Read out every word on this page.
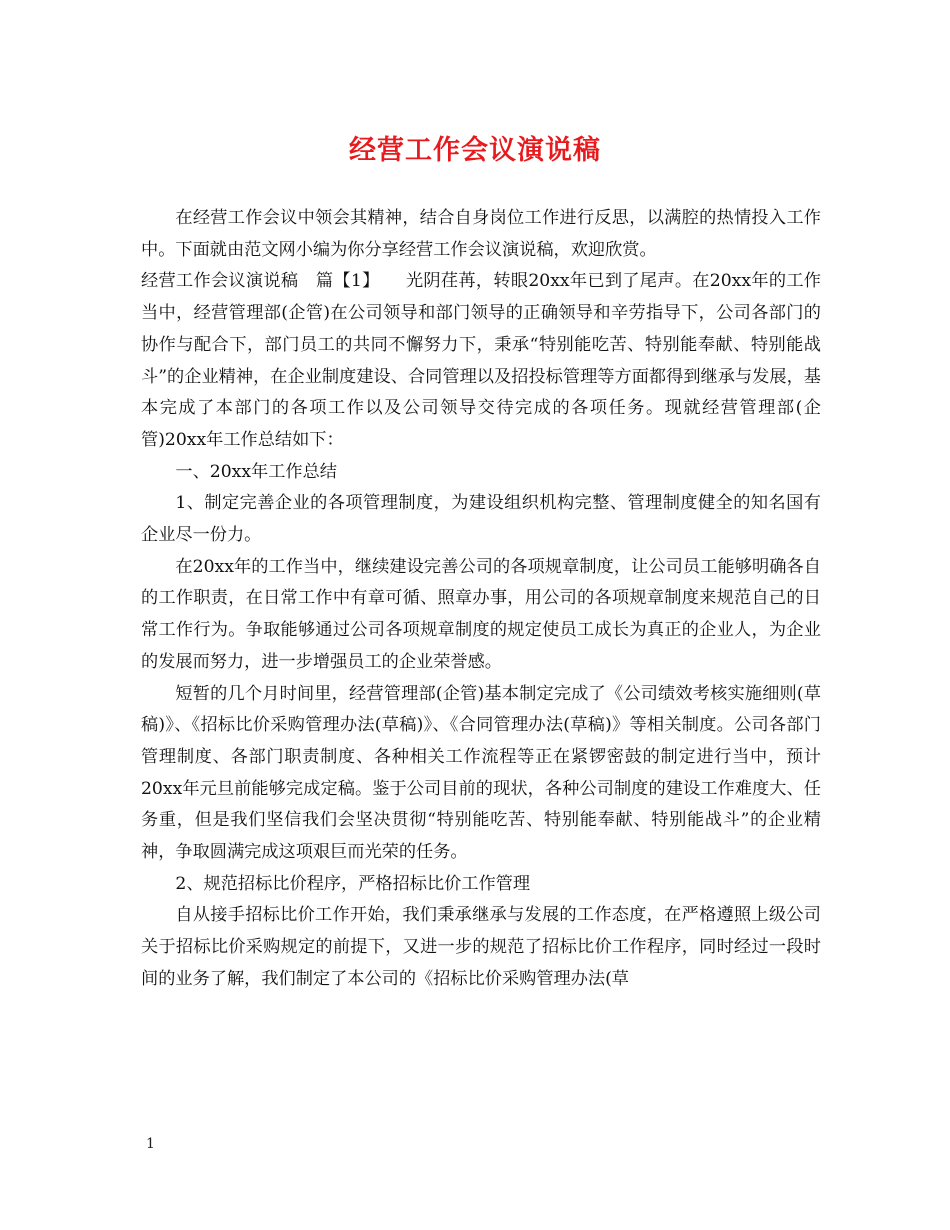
经营工作会议演说稿

在经营工作会议中领会其精神，结合自身岗位工作进行反思，以满腔的热情投入工作中。下面就由范文网小编为你分享经营工作会议演说稿，欢迎欣赏。

经营工作会议演说稿　篇【1】　　光阴荏苒，转眼20xx年已到了尾声。在20xx年的工作当中，经营管理部(企管)在公司领导和部门领导的正确领导和辛劳指导下，公司各部门的协作与配合下，部门员工的共同不懈努力下，秉承“特别能吃苦、特别能奉献、特别能战斗”的企业精神，在企业制度建设、合同管理以及招投标管理等方面都得到继承与发展，基本完成了本部门的各项工作以及公司领导交待完成的各项任务。现就经营管理部(企管)20xx年工作总结如下：

一、20xx年工作总结

1、制定完善企业的各项管理制度，为建设组织机构完整、管理制度健全的知名国有企业尽一份力。

在20xx年的工作当中，继续建设完善公司的各项规章制度，让公司员工能够明确各自的工作职责，在日常工作中有章可循、照章办事，用公司的各项规章制度来规范自己的日常工作行为。争取能够通过公司各项规章制度的规定使员工成长为真正的企业人，为企业的发展而努力，进一步增强员工的企业荣誉感。

短暂的几个月时间里，经营管理部(企管)基本制定完成了《公司绩效考核实施细则(草稿)》、《招标比价采购管理办法(草稿)》、《合同管理办法(草稿)》等相关制度。公司各部门管理制度、各部门职责制度、各种相关工作流程等正在紧锣密鼓的制定进行当中，预计20xx年元旦前能够完成定稿。鉴于公司目前的现状，各种公司制度的建设工作难度大、任务重，但是我们坚信我们会坚决贯彻“特别能吃苦、特别能奉献、特别能战斗”的企业精神，争取圆满完成这项艰巨而光荣的任务。

2、规范招标比价程序，严格招标比价工作管理

自从接手招标比价工作开始，我们秉承继承与发展的工作态度，在严格遵照上级公司关于招标比价采购规定的前提下，又进一步的规范了招标比价工作程序，同时经过一段时间的业务了解，我们制定了本公司的《招标比价采购管理办法(草

1
